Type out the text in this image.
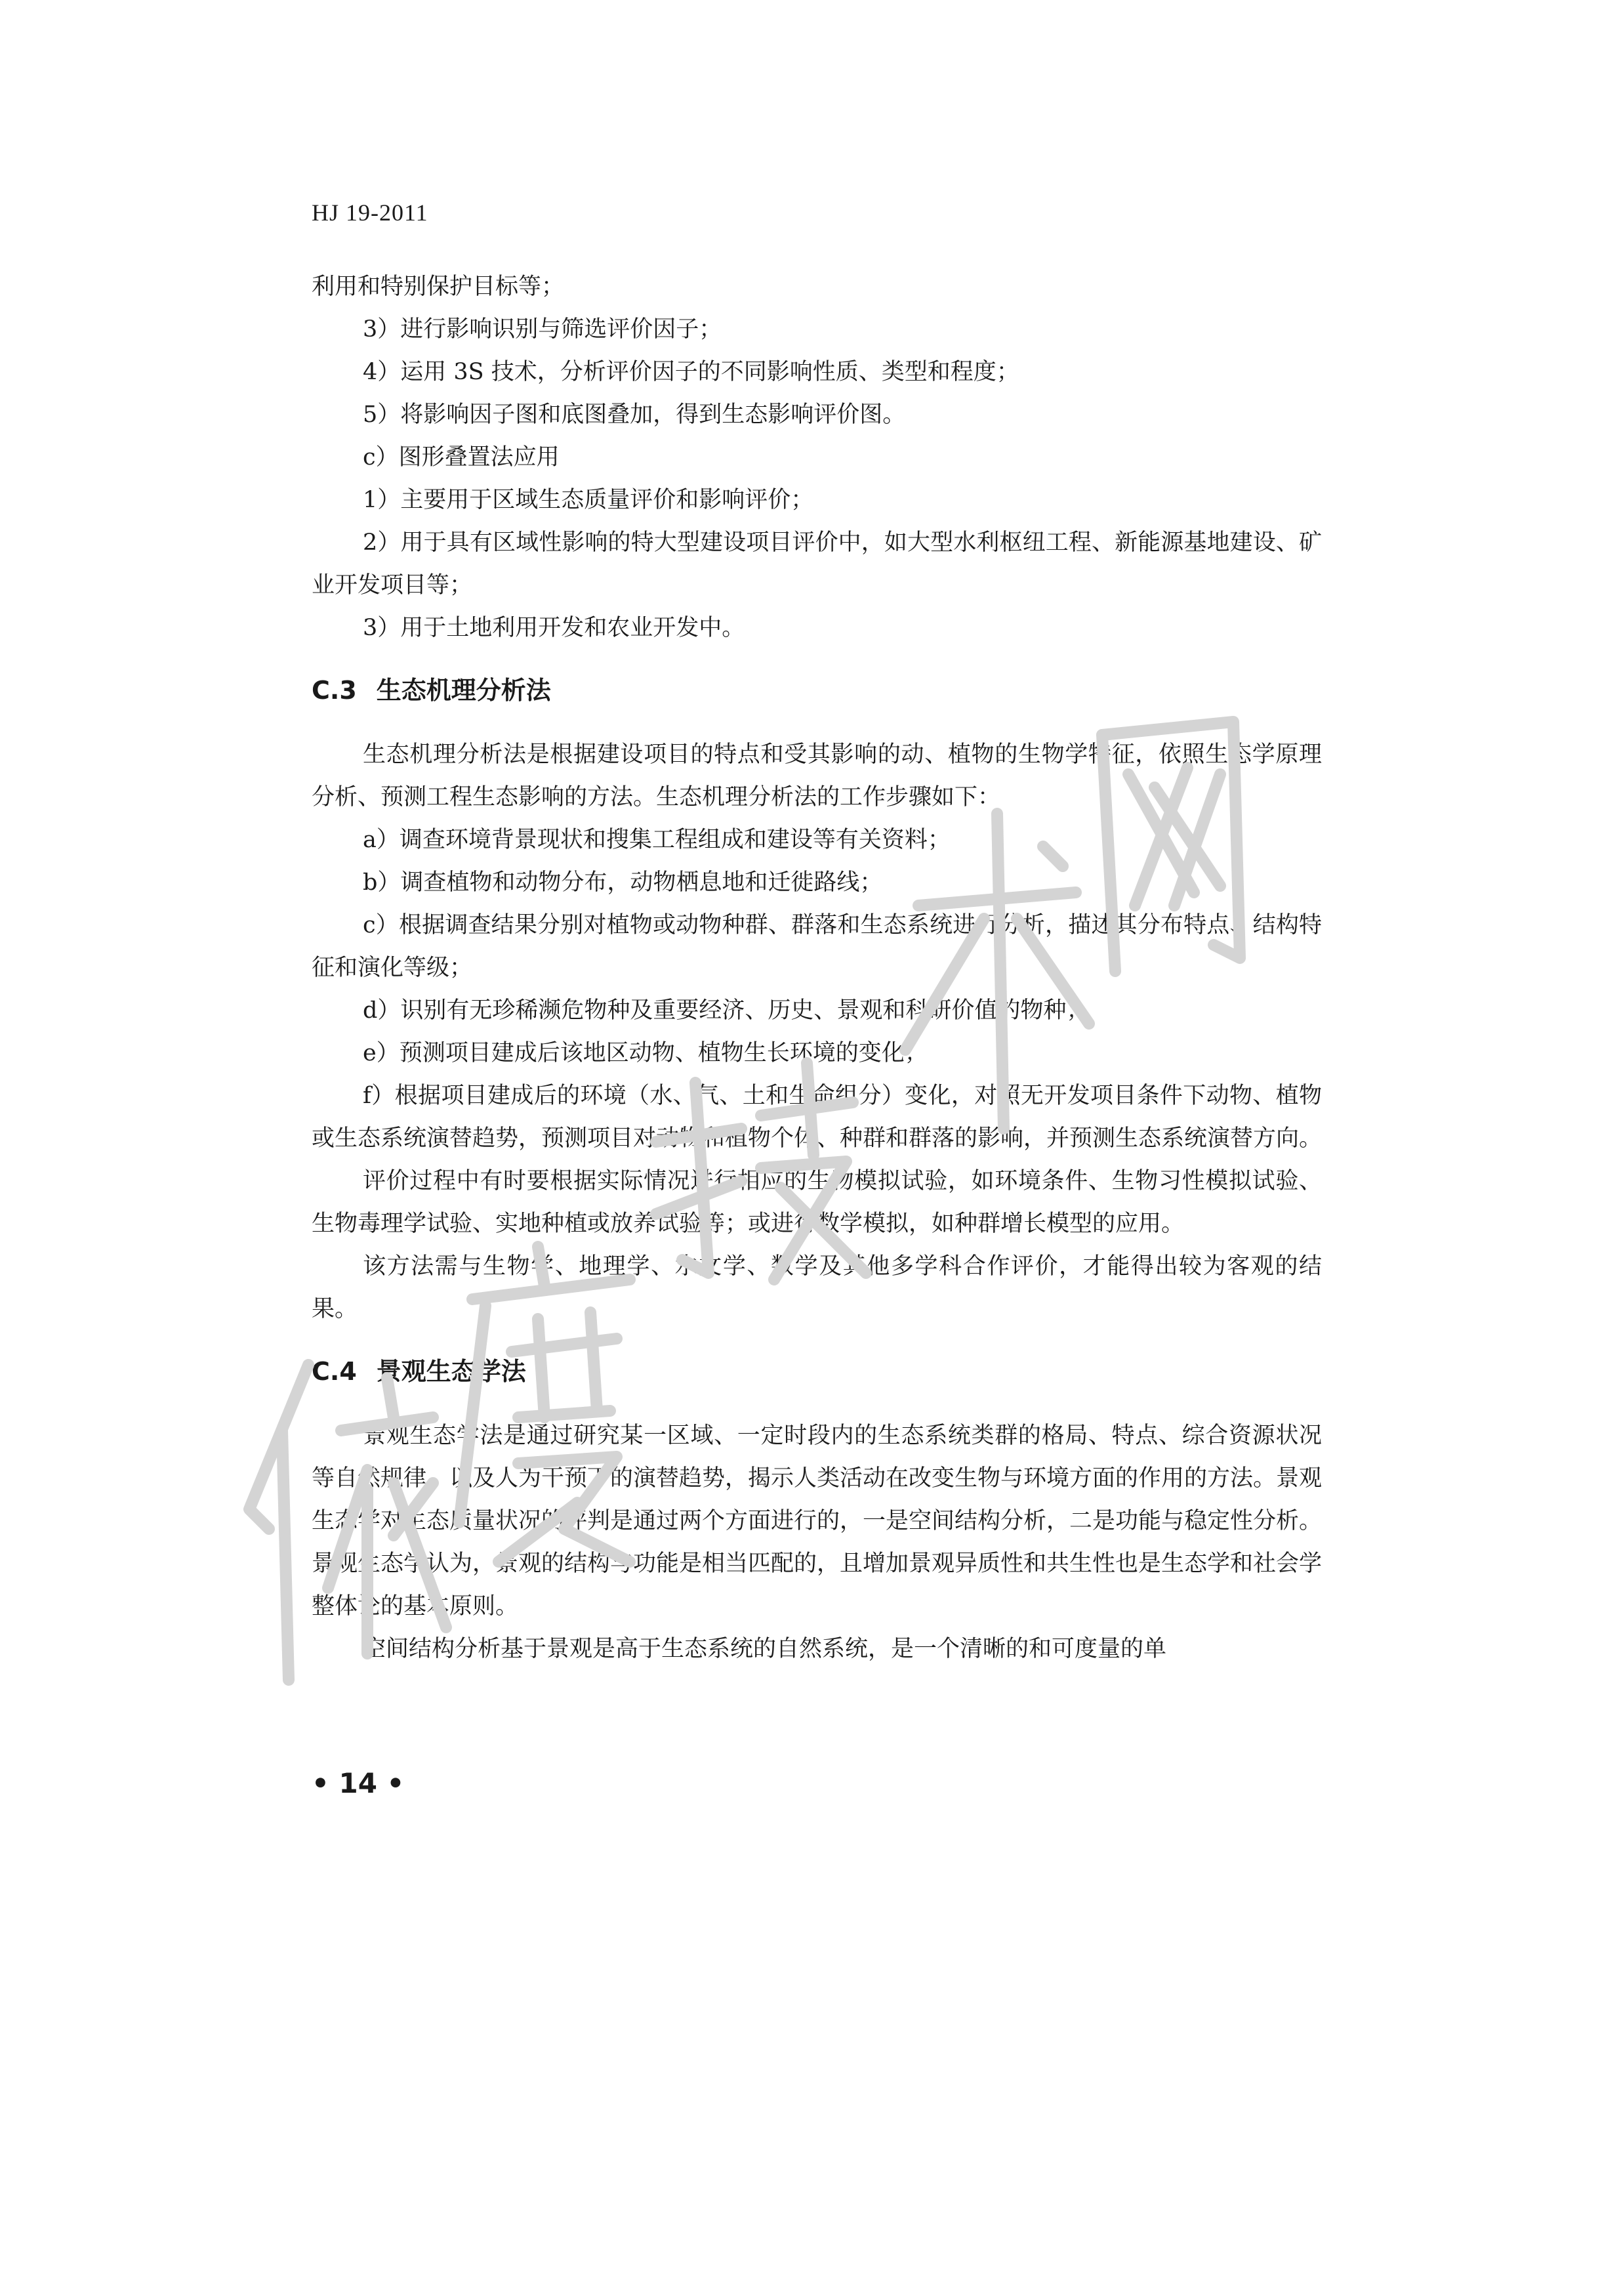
HJ 19-2011

利用和特别保护目标等；

3）进行影响识别与筛选评价因子；

4）运用 3S 技术，分析评价因子的不同影响性质、类型和程度；

5）将影响因子图和底图叠加，得到生态影响评价图。

c）图形叠置法应用

1）主要用于区域生态质量评价和影响评价；

2）用于具有区域性影响的特大型建设项目评价中，如大型水利枢纽工程、新能源基地建设、矿业开发项目等；

3）用于土地利用开发和农业开发中。

C.3 生态机理分析法

生态机理分析法是根据建设项目的特点和受其影响的动、植物的生物学特征，依照生态学原理分析、预测工程生态影响的方法。生态机理分析法的工作步骤如下：

a）调查环境背景现状和搜集工程组成和建设等有关资料；

b）调查植物和动物分布，动物栖息地和迁徙路线；

c）根据调查结果分别对植物或动物种群、群落和生态系统进行分析，描述其分布特点、结构特征和演化等级；

d）识别有无珍稀濒危物种及重要经济、历史、景观和科研价值的物种；

e）预测项目建成后该地区动物、植物生长环境的变化；

f）根据项目建成后的环境（水、气、土和生命组分）变化，对照无开发项目条件下动物、植物或生态系统演替趋势，预测项目对动物和植物个体、种群和群落的影响，并预测生态系统演替方向。

评价过程中有时要根据实际情况进行相应的生物模拟试验，如环境条件、生物习性模拟试验、生物毒理学试验、实地种植或放养试验等；或进行数学模拟，如种群增长模型的应用。

该方法需与生物学、地理学、水文学、数学及其他多学科合作评价，才能得出较为客观的结果。

C.4 景观生态学法

景观生态学法是通过研究某一区域、一定时段内的生态系统类群的格局、特点、综合资源状况等自然规律，以及人为干预下的演替趋势，揭示人类活动在改变生物与环境方面的作用的方法。景观生态学对生态质量状况的评判是通过两个方面进行的，一是空间结构分析，二是功能与稳定性分析。景观生态学认为，景观的结构与功能是相当匹配的，且增加景观异质性和共生性也是生态学和社会学整体论的基本原则。

空间结构分析基于景观是高于生态系统的自然系统，是一个清晰的和可度量的单

• 14 •
